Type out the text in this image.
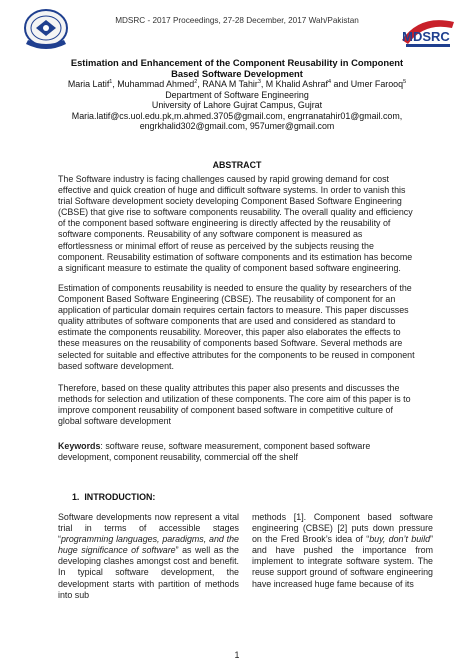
MDSRC
MDSRC - 2017 Proceedings, 27-28 December, 2017 Wah/Pakistan
Estimation and Enhancement of the Component Reusability in Component Based Software Development
Maria Latif$^1$, Muhammad Ahmed$^2$, RANA M Tahir$^3$, M Khalid Ashraf$^4$ and Umer Farooq$^5$
Department of Software Engineering
University of Lahore Gujrat Campus, Gujrat
Maria.latif@cs.uol.edu.pk,m.ahmed.3705@gmail.com, engrranatahir01@gmail.com,
engrkhalid302@gmail.com, 957umer@gmail.com
ABSTRACT
The Software industry is facing challenges caused by rapid growing demand for cost effective and quick creation of huge and difficult software systems. In order to vanish this trial Software development society developing Component Based Software Engineering (CBSE) that give rise to software components reusability. The overall quality and efficiency of the component based software engineering is directly affected by the reusability of software components. Reusability of any software component is measured as effortlessness or minimal effort of reuse as perceived by the subjects reusing the component. Reusability estimation of software components and its estimation has become a significant measure to estimate the quality of component based software engineering.
Estimation of components reusability is needed to ensure the quality by researchers of the Component Based Software Engineering (CBSE). The reusability of component for an application of particular domain requires certain factors to measure. This paper discusses quality attributes of software components that are used and considered as standard to estimate the components reusability. Moreover, this paper also elaborates the effects to these measures on the reusability of components based Software. Several methods are selected for suitable and effective attributes for the components to be reused in component based software development.
Therefore, based on these quality attributes this paper also presents and discusses the methods for selection and utilization of these components. The core aim of this paper is to improve component reusability of component based software in competitive culture of global software development
Keywords: software reuse, software measurement, component based software development, component reusability, commercial off the shelf
1. INTRODUCTION:
Software developments now represent a vital trial in terms of accessible stages “programming languages, paradigms, and the huge significance of software” as well as the developing clashes amongst cost and benefit. In typical software development, the development starts with partition of methods into sub
methods [1]. Component based software engineering (CBSE) [2] puts down pressure on the Fred Brook’s idea of “buy, don’t build” and have pushed the importance from implement to integrate software system. The reuse support ground of software engineering have increased huge fame because of its
1
